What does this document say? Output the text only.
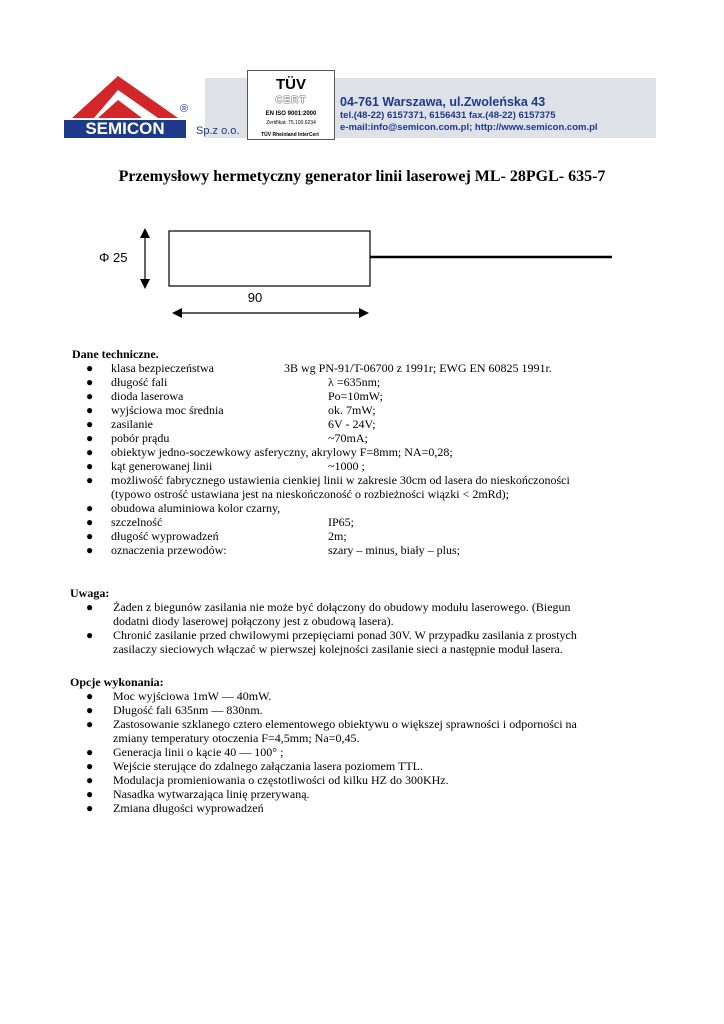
SEMICON
®
Sp.z o.o.
TÜV
CERT
EN ISO 9001:2000
Zertifikat: 75.100.6234
TÜV Rheinland InterCert
04-761 Warszawa, ul.Zwoleńska 43
tel.(48-22) 6157371, 6156431 fax.(48-22) 6157375
e-mail:info@semicon.com.pl; http://www.semicon.com.pl
Przemysłowy hermetyczny generator linii laserowej ML- 28PGL- 635-7
Φ 25
90
Dane techniczne.
● klasa bezpieczeństwa	3B wg PN-91/T-06700 z 1991r; EWG EN 60825 1991r.
● długość fali	λ =635nm;
● dioda laserowa	Po=10mW;
● wyjściowa moc średnia	ok. 7mW;
● zasilanie	6V - 24V;
● pobór prądu	~70mA;
● obiektyw jedno-soczewkowy asferyczny, akrylowy F=8mm; NA=0,28;
● kąt generowanej linii	~1000 ;
● możliwość fabrycznego ustawienia cienkiej linii w zakresie 30cm od lasera do nieskończoności
(typowo ostrość ustawiana jest na nieskończoność o rozbieżności wiązki < 2mRd);
● obudowa aluminiowa kolor czarny,
● szczelność	IP65;
● długość wyprowadzeń	2m;
● oznaczenia przewodów:	szary – minus, biały – plus;
Uwaga:
● Żaden z biegunów zasilania nie może być dołączony do obudowy modułu laserowego. (Biegun
dodatni diody laserowej połączony jest z obudową lasera).
● Chronić zasilanie przed chwilowymi przepięciami ponad 30V. W przypadku zasilania z prostych
zasilaczy sieciowych włączać w pierwszej kolejności zasilanie sieci a następnie moduł lasera.
Opcje wykonania:
● Moc wyjściowa 1mW — 40mW.
● Długość fali 635nm — 830nm.
● Zastosowanie szklanego cztero elementowego obiektywu o większej sprawności i odporności na
zmiany temperatury otoczenia F=4,5mm; Na=0,45.
● Generacja linii o kącie 40 — 100° ;
● Wejście sterujące do zdalnego załączania lasera poziomem TTL.
● Modulacja promieniowania o częstotliwości od kilku HZ do 300KHz.
● Nasadka wytwarzająca linię przerywaną.
● Zmiana długości wyprowadzeń
